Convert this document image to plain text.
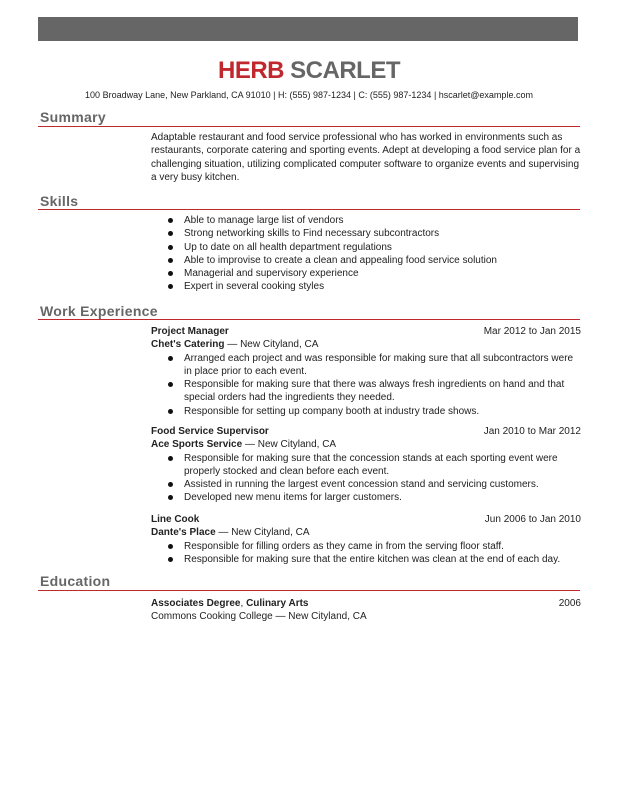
HERB SCARLET
100 Broadway Lane, New Parkland, CA 91010 | H: (555) 987-1234 | C: (555) 987-1234 | hscarlet@example.com
Summary
Adaptable restaurant and food service professional who has worked in environments such as restaurants, corporate catering and sporting events. Adept at developing a food service plan for a challenging situation, utilizing complicated computer software to organize events and supervising a very busy kitchen.
Skills
Able to manage large list of vendors
Strong networking skills to Find necessary subcontractors
Up to date on all health department regulations
Able to improvise to create a clean and appealing food service solution
Managerial and supervisory experience
Expert in several cooking styles
Work Experience
Project Manager	Mar 2012 to Jan 2015
Chet's Catering — New Cityland, CA
Arranged each project and was responsible for making sure that all subcontractors were in place prior to each event.
Responsible for making sure that there was always fresh ingredients on hand and that special orders had the ingredients they needed.
Responsible for setting up company booth at industry trade shows.
Food Service Supervisor	Jan 2010 to Mar 2012
Ace Sports Service — New Cityland, CA
Responsible for making sure that the concession stands at each sporting event were properly stocked and clean before each event.
Assisted in running the largest event concession stand and servicing customers.
Developed new menu items for larger customers.
Line Cook	Jun 2006 to Jan 2010
Dante's Place — New Cityland, CA
Responsible for filling orders as they came in from the serving floor staff.
Responsible for making sure that the entire kitchen was clean at the end of each day.
Education
Associates Degree, Culinary Arts	2006
Commons Cooking College — New Cityland, CA
